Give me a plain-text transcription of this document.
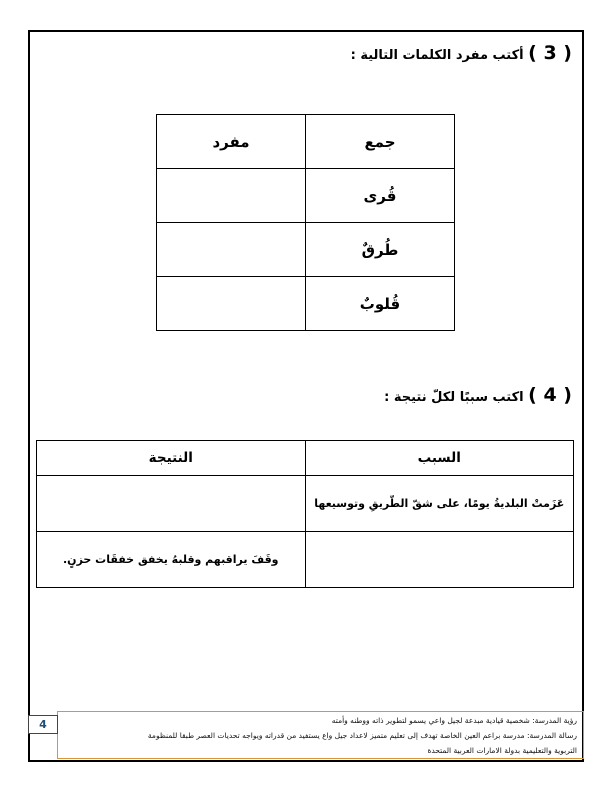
( 3 ) أكتب مفرد الكلمات التالية :
جمع	مفرد
قُرى	
طُرقٌ	
قُلوبٌ	
( 4 ) اكتب سببًا لكلّ نتيجة :
السبب	النتيجة
عَزَمتْ البلديةُ يومًا، على شقّ الطّريقِ وتوسيعها	
	وقَفَ يراقبهم وقلبهُ يخفق خفقَات حزنٍ.
رؤية المدرسة: شخصية قيادية مبدعة لجيل واعي يسمو لتطوير ذاته ووطنه وأمته
رسالة المدرسة: مدرسة براعم العين الخاصة تهدف إلى تعليم متميز لاعداد جيل واع يستفيد من قدراته ويواجه تحديات العصر طبقا للمنظومة
التربوية والتعليمية بدولة الامارات العربية المتحدة
4
